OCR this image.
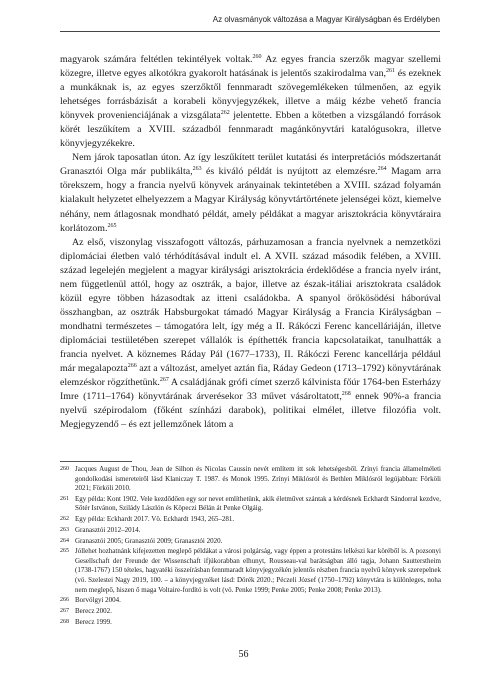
Az olvasmányok változása a Magyar Királyságban és Erdélyben

magyarok számára feltétlen tekintélyek voltak.$^{260}$ Az egyes francia szerzők magyar szellemi közegre, illetve egyes alkotókra gyakorolt hatásának is jelentős szakirodalma van,$^{261}$ és ezeknek a munkáknak is, az egyes szerzőktől fennmaradt szövegemlékeken túlmenően, az egyik lehetséges forrásbázisát a korabeli könyvjegyzékek, illetve a máig kézbe vehető francia könyvek provenienciájának a vizsgálata$^{262}$ jelentette. Ebben a kötetben a vizsgálandó források körét leszűkítem a XVIII. századból fennmaradt magánkönyvtári katalógusokra, illetve könyvjegyzékekre.

Nem járok taposatlan úton. Az így leszűkített terület kutatási és interpretációs módszertanát Granasztói Olga már publikálta,$^{263}$ és kiváló példát is nyújtott az elemzésre.$^{264}$ Magam arra törekszem, hogy a francia nyelvű könyvek arányainak tekintetében a XVIII. század folyamán kialakult helyzetet elhelyezzem a Magyar Királyság könyvtártörténete jelenségei közt, kiemelve néhány, nem átlagosnak mondható példát, amely példákat a magyar arisztokrácia könyvtáraira korlátozom.$^{265}$

Az első, viszonylag visszafogott változás, párhuzamosan a francia nyelvnek a nemzetközi diplomáciai életben való térhódításával indult el. A XVII. század második felében, a XVIII. század legelején megjelent a magyar királysági arisztokrácia érdeklődése a francia nyelv iránt, nem függetlenül attól, hogy az osztrák, a bajor, illetve az észak-itáliai arisztokrata családok közül egyre többen házasodtak az itteni családokba. A spanyol örökösödési háborúval összhangban, az osztrák Habsburgokat támadó Magyar Királyság a Francia Királyságban – mondhatni természetes – támogatóra lelt, így még a II. Rákóczi Ferenc kancelláriáján, illetve diplomáciai testületében szerepet vállalók is építhették francia kapcsolataikat, tanulhatták a francia nyelvet. A köznemes Ráday Pál (1677–1733), II. Rákóczi Ferenc kancellárja például már megalapozta$^{266}$ azt a változást, amelyet aztán fia, Ráday Gedeon (1713–1792) könyvtárának elemzéskor rögzíthetünk.$^{267}$ A családjának grófi címet szerző kálvinista főúr 1764-ben Esterházy Imre (1711–1764) könyvtárának árverésekor 33 művet vásároltatott,$^{268}$ ennek 90%-a francia nyelvű szépirodalom (főként színházi darabok), politikai elmélet, illetve filozófia volt. Megjegyzendő – és ezt jellemzőnek látom a

260 Jacques August de Thou, Jean de Silhon és Nicolas Caussin nevét említem itt sok lehetségesből. Zrínyi francia államelméleti gondolkodási ismereteiről lásd Klaniczay T. 1987. és Monok 1995. Zrínyi Miklósról és Bethlen Miklósról legújabban: Förköli 2021; Förköli 2010.
261 Egy példa: Kont 1902. Vele kezdődően egy sor nevet említhetünk, akik életművet szántak a kérdésnek Eckhardt Sándorral kezdve, Sőtér Istvánon, Szilády Lászlón és Köpeczi Bélán át Penke Olgáig.
262 Egy példa: Eckhardt 2017. Vö. Eckhardt 1943, 265–281.
263 Granasztói 2012–2014.
264 Granasztói 2005; Granasztói 2009; Granasztói 2020.
265 Jóllehet hozhatnánk kifejezetten meglepő példákat a városi polgárság, vagy éppen a protestáns lelkészi kar köréből is. A pozsonyi Gesellschaft der Freunde der Wissenschaft ifjúkorabban elhunyt, Rousseau-val barátságban álló tagja, Johann Sautterstheim (1738-1767) 150 tételes, hagyatéki összeírásban fennmaradt könyvjegyzékén jelentős részben francia nyelvű könyvek szerepelnek (vö. Szelestei Nagy 2019, 100. – a könyvjegyzéket lásd: Dörék 2020.; Péczeli József (1750–1792) könyvtára is különleges, noha nem meglepő, hiszen ő maga Voltaire-fordító is volt (vö. Penke 1999; Penke 2005; Penke 2008; Penke 2013).
266 Borvölgyi 2004.
267 Berecz 2002.
268 Berecz 1999.
56
